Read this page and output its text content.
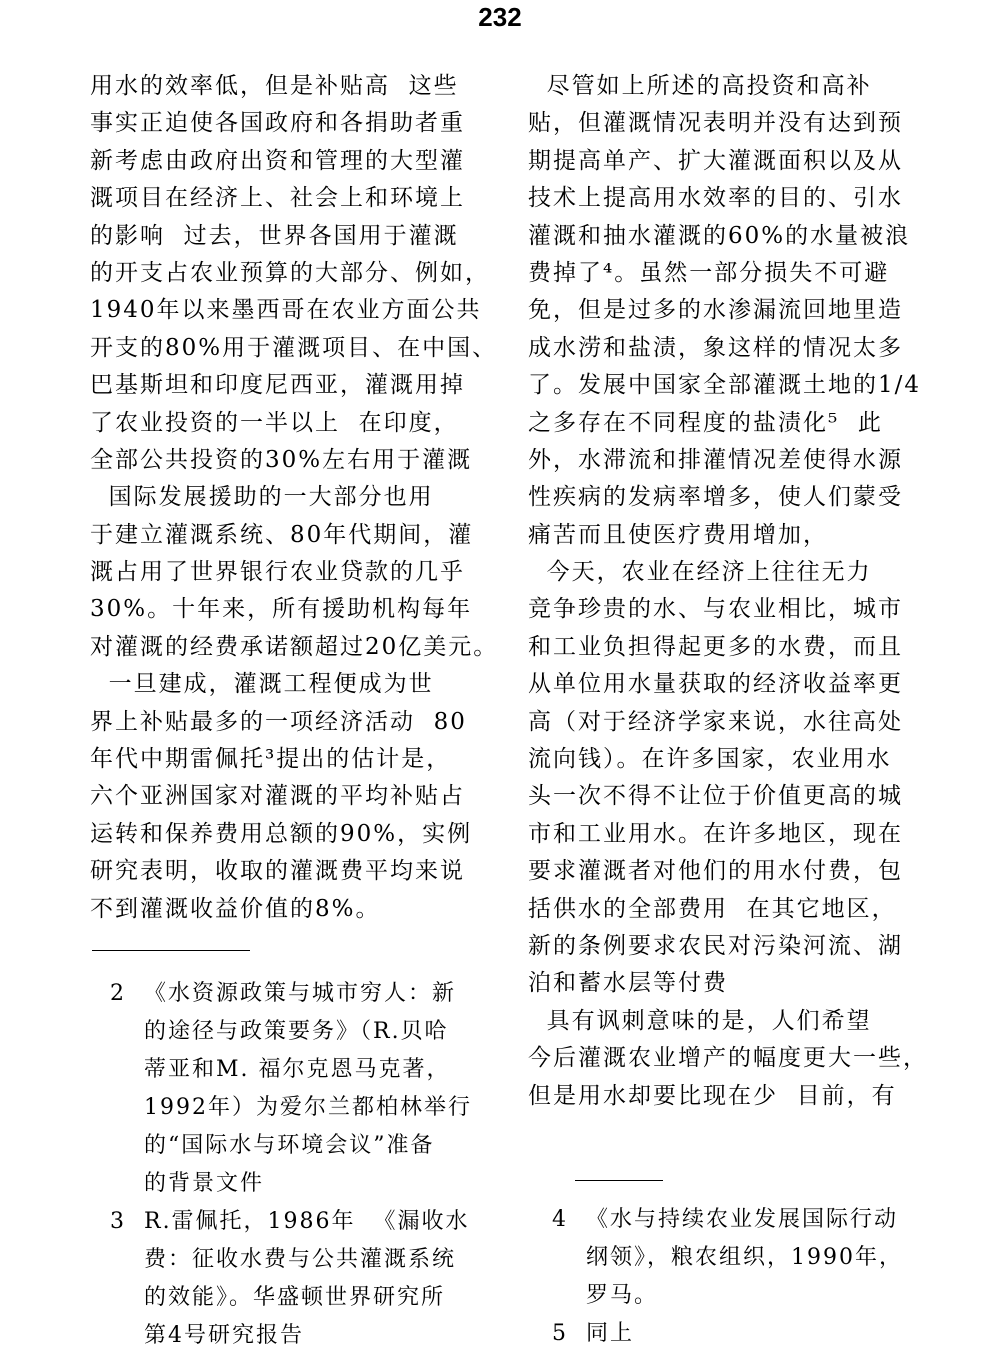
232
用水的效率低，但是补贴高  这些
事实正迫使各国政府和各捐助者重
新考虑由政府出资和管理的大型灌
溉项目在经济上、社会上和环境上
的影响  过去，世界各国用于灌溉
的开支占农业预算的大部分、例如，
1940年以来墨西哥在农业方面公共
开支的80%用于灌溉项目、在中国、
巴基斯坦和印度尼西亚，灌溉用掉
了农业投资的一半以上  在印度，
全部公共投资的30%左右用于灌溉
国际发展援助的一大部分也用
于建立灌溉系统、80年代期间，灌
溉占用了世界银行农业贷款的几乎
30%。十年来，所有援助机构每年
对灌溉的经费承诺额超过20亿美元。
一旦建成，灌溉工程便成为世
界上补贴最多的一项经济活动  80
年代中期雷佩托³提出的估计是，
六个亚洲国家对灌溉的平均补贴占
运转和保养费用总额的90%，实例
研究表明，收取的灌溉费平均来说
不到灌溉收益价值的8%。
尽管如上所述的高投资和高补
贴，但灌溉情况表明并没有达到预
期提高单产、扩大灌溉面积以及从
技术上提高用水效率的目的、引水
灌溉和抽水灌溉的60%的水量被浪
费掉了⁴。虽然一部分损失不可避
免，但是过多的水渗漏流回地里造
成水涝和盐渍，象这样的情况太多
了。发展中国家全部灌溉土地的1/4
之多存在不同程度的盐渍化⁵  此
外，水滞流和排灌情况差使得水源
性疾病的发病率增多，使人们蒙受
痛苦而且使医疗费用增加，
今天，农业在经济上往往无力
竞争珍贵的水、与农业相比，城市
和工业负担得起更多的水费，而且
从单位用水量获取的经济收益率更
高（对于经济学家来说，水往高处
流向钱）。在许多国家，农业用水
头一次不得不让位于价值更高的城
市和工业用水。在许多地区，现在
要求灌溉者对他们的用水付费，包
括供水的全部费用  在其它地区，
新的条例要求农民对污染河流、湖
泊和蓄水层等付费
具有讽刺意味的是，人们希望
今后灌溉农业增产的幅度更大一些，
但是用水却要比现在少  目前，有
2 《水资源政策与城市穷人：新
的途径与政策要务》（R.贝哈
蒂亚和M. 福尔克恩马克著，
1992年）为爱尔兰都柏林举行
的“国际水与环境会议”准备
的背景文件
3 R.雷佩托，1986年  《漏收水
费：征收水费与公共灌溉系统
的效能》。华盛顿世界研究所
第4号研究报告
4 《水与持续农业发展国际行动
纲领》，粮农组织，1990年，
罗马。
5 同上
